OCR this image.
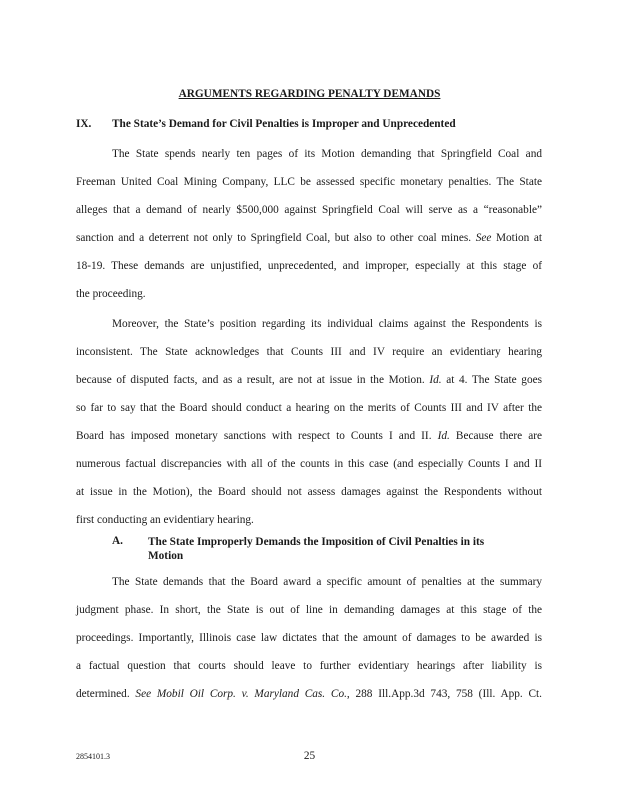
ARGUMENTS REGARDING PENALTY DEMANDS
IX. The State’s Demand for Civil Penalties is Improper and Unprecedented
The State spends nearly ten pages of its Motion demanding that Springfield Coal and
Freeman United Coal Mining Company, LLC be assessed specific monetary penalties. The State
alleges that a demand of nearly $500,000 against Springfield Coal will serve as a “reasonable”
sanction and a deterrent not only to Springfield Coal, but also to other coal mines. See Motion at
18-19. These demands are unjustified, unprecedented, and improper, especially at this stage of
the proceeding.
Moreover, the State’s position regarding its individual claims against the Respondents is
inconsistent. The State acknowledges that Counts III and IV require an evidentiary hearing
because of disputed facts, and as a result, are not at issue in the Motion. Id. at 4. The State goes
so far to say that the Board should conduct a hearing on the merits of Counts III and IV after the
Board has imposed monetary sanctions with respect to Counts I and II. Id. Because there are
numerous factual discrepancies with all of the counts in this case (and especially Counts I and II
at issue in the Motion), the Board should not assess damages against the Respondents without
first conducting an evidentiary hearing.
A. The State Improperly Demands the Imposition of Civil Penalties in its
Motion
The State demands that the Board award a specific amount of penalties at the summary
judgment phase. In short, the State is out of line in demanding damages at this stage of the
proceedings. Importantly, Illinois case law dictates that the amount of damages to be awarded is
a factual question that courts should leave to further evidentiary hearings after liability is
determined. See Mobil Oil Corp. v. Maryland Cas. Co., 288 Ill.App.3d 743, 758 (Ill. App. Ct.
2854101.3	25
